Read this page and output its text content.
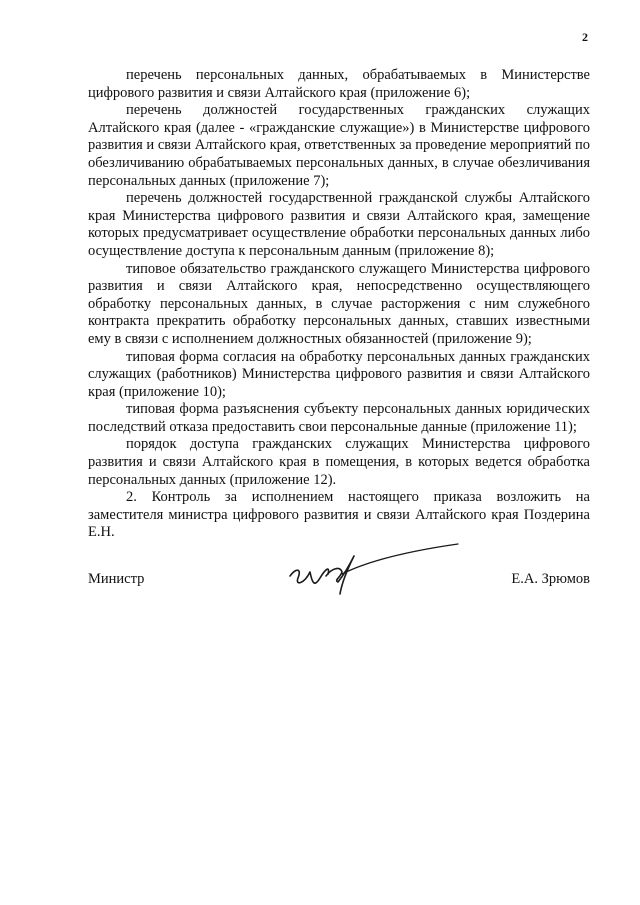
2

перечень персональных данных, обрабатываемых в Министерстве цифрового развития и связи Алтайского края (приложение 6);

перечень должностей государственных гражданских служащих Алтайского края (далее - «гражданские служащие») в Министерстве цифрового развития и связи Алтайского края, ответственных за проведение мероприятий по обезличиванию обрабатываемых персональных данных, в случае обезличивания персональных данных (приложение 7);

перечень должностей государственной гражданской службы Алтайского края Министерства цифрового развития и связи Алтайского края, замещение которых предусматривает осуществление обработки персональных данных либо осуществление доступа к персональным данным (приложение 8);

типовое обязательство гражданского служащего Министерства цифрового развития и связи Алтайского края, непосредственно осуществляющего обработку персональных данных, в случае расторжения с ним служебного контракта прекратить обработку персональных данных, ставших известными ему в связи с исполнением должностных обязанностей (приложение 9);

типовая форма согласия на обработку персональных данных гражданских служащих (работников) Министерства цифрового развития и связи Алтайского края (приложение 10);

типовая форма разъяснения субъекту персональных данных юридических последствий отказа предоставить свои персональные данные (приложение 11);

порядок доступа гражданских служащих Министерства цифрового развития и связи Алтайского края в помещения, в которых ведется обработка персональных данных (приложение 12).

2. Контроль за исполнением настоящего приказа возложить на заместителя министра цифрового развития и связи Алтайского края Поздерина Е.Н.

Министр	Е.А. Зрюмов
